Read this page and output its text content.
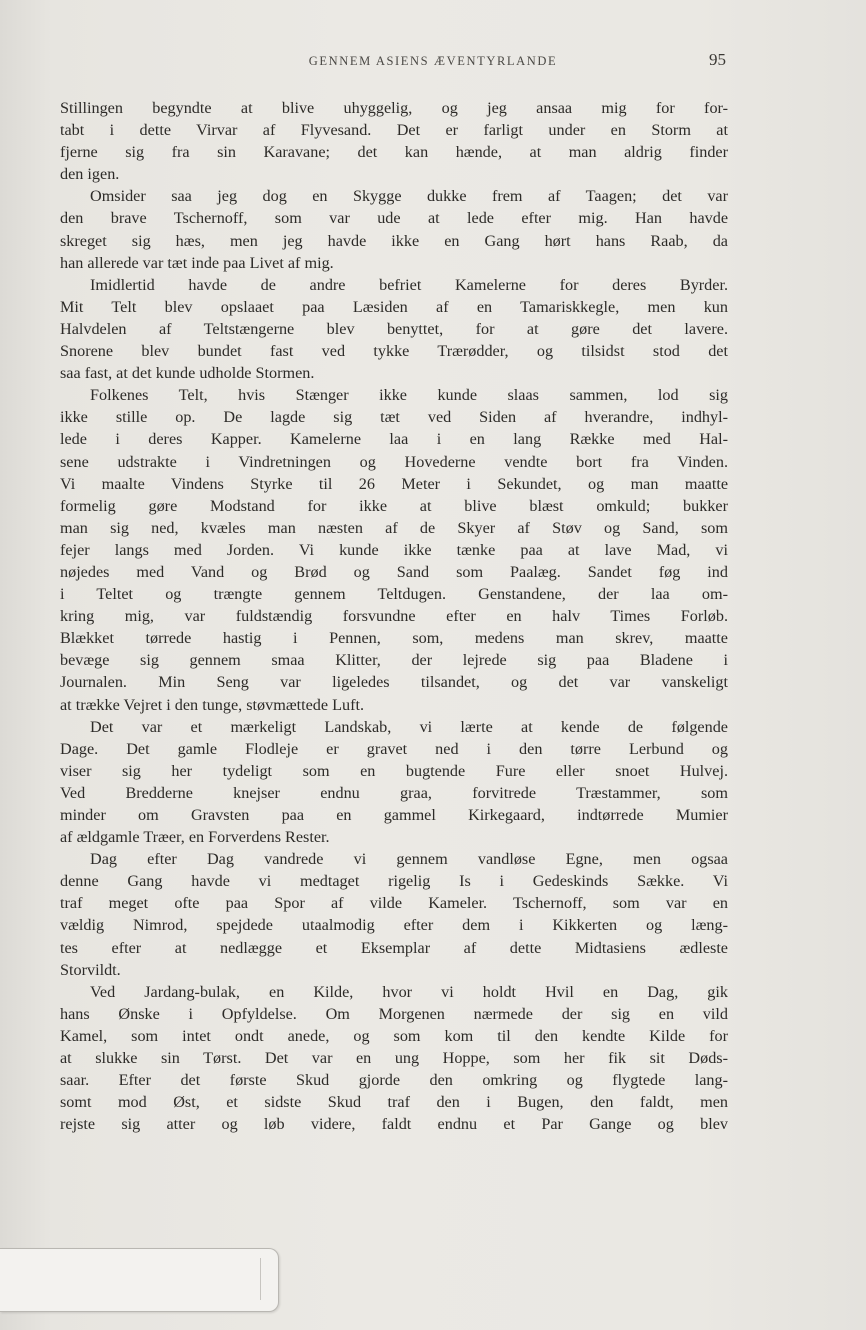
GENNEM ASIENS ÆVENTYRLANDE	95
Stillingen begyndte at blive uhyggelig, og jeg ansaa mig for for-
tabt i dette Virvar af Flyvesand. Det er farligt under en Storm at
fjerne sig fra sin Karavane; det kan hænde, at man aldrig finder
den igen.
Omsider saa jeg dog en Skygge dukke frem af Taagen; det var
den brave Tschernoff, som var ude at lede efter mig. Han havde
skreget sig hæs, men jeg havde ikke en Gang hørt hans Raab, da
han allerede var tæt inde paa Livet af mig.
Imidlertid havde de andre befriet Kamelerne for deres Byrder.
Mit Telt blev opslaaet paa Læsiden af en Tamariskkegle, men kun
Halvdelen af Teltstængerne blev benyttet, for at gøre det lavere.
Snorene blev bundet fast ved tykke Trærødder, og tilsidst stod det
saa fast, at det kunde udholde Stormen.
Folkenes Telt, hvis Stænger ikke kunde slaas sammen, lod sig
ikke stille op. De lagde sig tæt ved Siden af hverandre, indhyl-
lede i deres Kapper. Kamelerne laa i en lang Række med Hal-
sene udstrakte i Vindretningen og Hovederne vendte bort fra Vinden.
Vi maalte Vindens Styrke til 26 Meter i Sekundet, og man maatte
formelig gøre Modstand for ikke at blive blæst omkuld; bukker
man sig ned, kvæles man næsten af de Skyer af Støv og Sand, som
fejer langs med Jorden. Vi kunde ikke tænke paa at lave Mad, vi
nøjedes med Vand og Brød og Sand som Paalæg. Sandet føg ind
i Teltet og trængte gennem Teltdugen. Genstandene, der laa om-
kring mig, var fuldstændig forsvundne efter en halv Times Forløb.
Blækket tørrede hastig i Pennen, som, medens man skrev, maatte
bevæge sig gennem smaa Klitter, der lejrede sig paa Bladene i
Journalen. Min Seng var ligeledes tilsandet, og det var vanskeligt
at trække Vejret i den tunge, støvmættede Luft.
Det var et mærkeligt Landskab, vi lærte at kende de følgende
Dage. Det gamle Flodleje er gravet ned i den tørre Lerbund og
viser sig her tydeligt som en bugtende Fure eller snoet Hulvej.
Ved Bredderne knejser endnu graa, forvitrede Træstammer, som
minder om Gravsten paa en gammel Kirkegaard, indtørrede Mumier
af ældgamle Træer, en Forverdens Rester.
Dag efter Dag vandrede vi gennem vandløse Egne, men ogsaa
denne Gang havde vi medtaget rigelig Is i Gedeskinds Sække. Vi
traf meget ofte paa Spor af vilde Kameler. Tschernoff, som var en
vældig Nimrod, spejdede utaalmodig efter dem i Kikkerten og læng-
tes efter at nedlægge et Eksemplar af dette Midtasiens ædleste
Storvildt.
Ved Jardang-bulak, en Kilde, hvor vi holdt Hvil en Dag, gik
hans Ønske i Opfyldelse. Om Morgenen nærmede der sig en vild
Kamel, som intet ondt anede, og som kom til den kendte Kilde for
at slukke sin Tørst. Det var en ung Hoppe, som her fik sit Døds-
saar. Efter det første Skud gjorde den omkring og flygtede lang-
somt mod Øst, et sidste Skud traf den i Bugen, den faldt, men
rejste sig atter og løb videre, faldt endnu et Par Gange og blev
